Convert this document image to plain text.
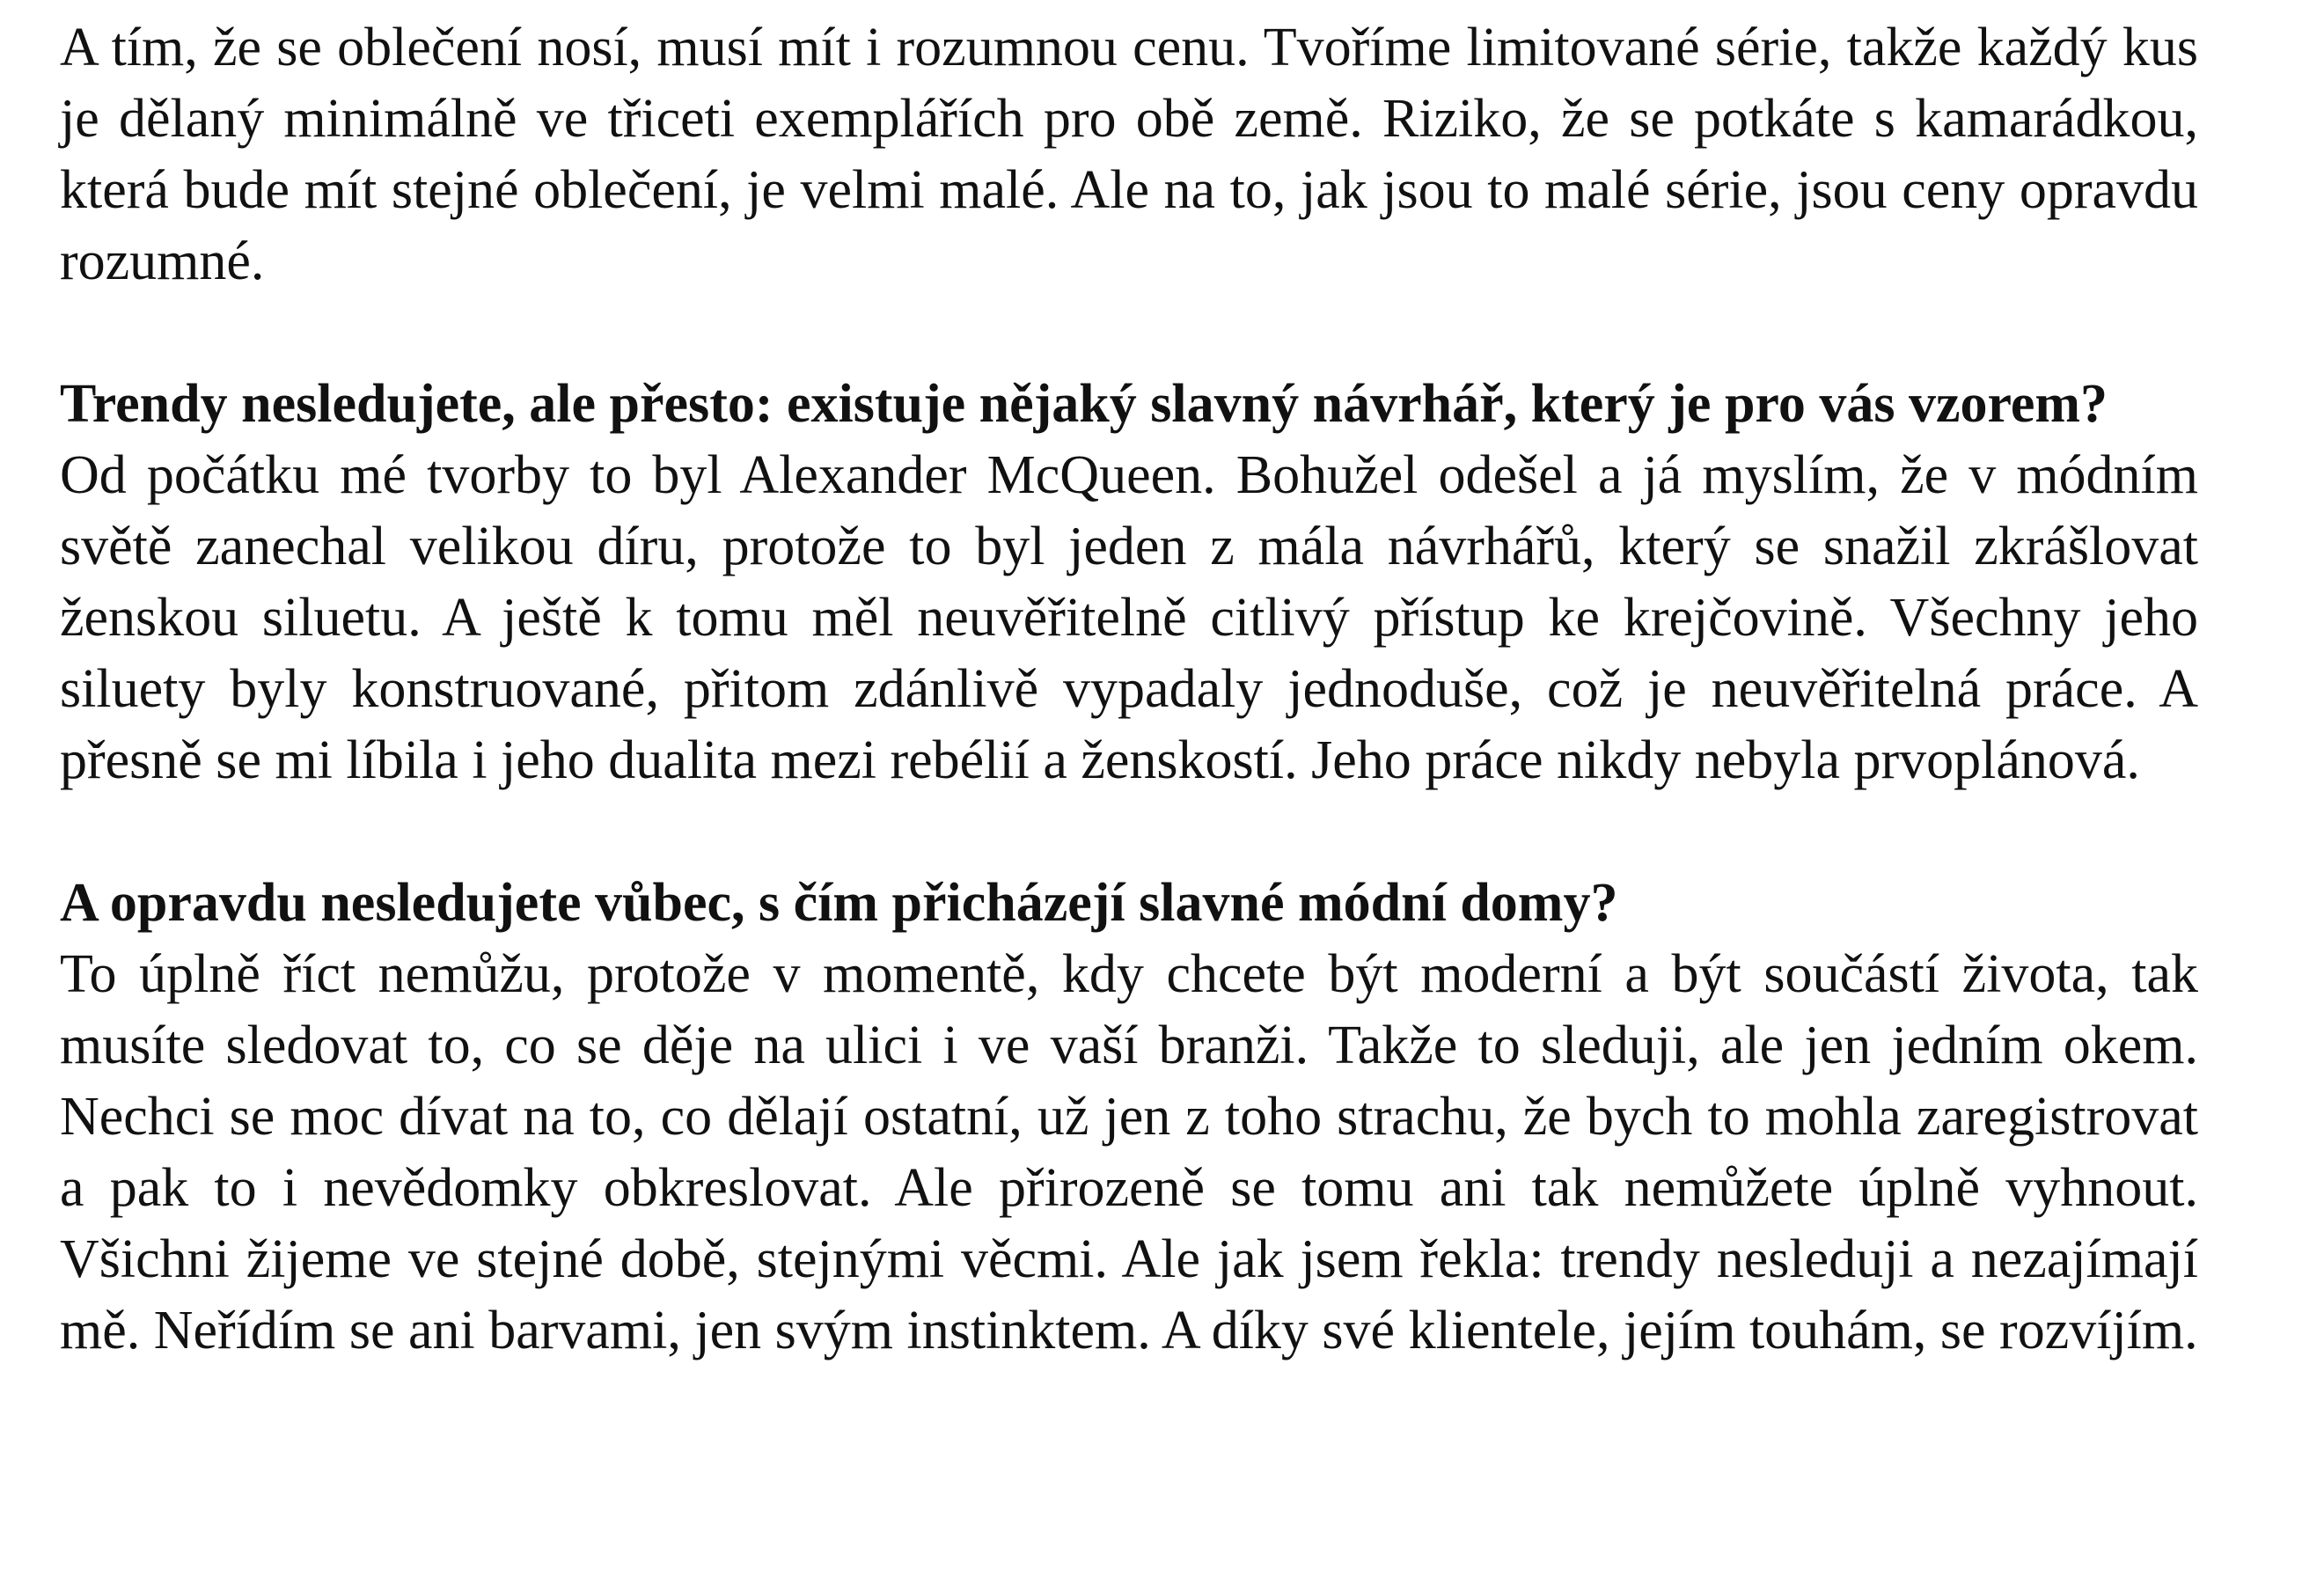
A tím, že se oblečení nosí, musí mít i rozumnou cenu. Tvoříme limitované série, takže každý kus je dělaný minimálně ve třiceti exemplářích pro obě země. Riziko, že se potkáte s kamarádkou, která bude mít stejné oblečení, je velmi malé. Ale na to, jak jsou to malé série, jsou ceny opravdu rozumné.

Trendy nesledujete, ale přesto: existuje nějaký slavný návrhář, který je pro vás vzorem?

Od počátku mé tvorby to byl Alexander McQueen. Bohužel odešel a já myslím, že v módním světě zanechal velikou díru, protože to byl jeden z mála návrhářů, který se snažil zkrášlovat ženskou siluetu. A ještě k tomu měl neuvěřitelně citlivý přístup ke krejčovině. Všechny jeho siluety byly konstruované, přitom zdánlivě vypadaly jednoduše, což je neuvěřitelná práce. A přesně se mi líbila i jeho dualita mezi rebélií a ženskostí. Jeho práce nikdy nebyla prvoplánová.

A opravdu nesledujete vůbec, s čím přicházejí slavné módní domy?

To úplně říct nemůžu, protože v momentě, kdy chcete být moderní a být součástí života, tak musíte sledovat to, co se děje na ulici i ve vaší branži. Takže to sleduji, ale jen jedním okem. Nechci se moc dívat na to, co dělají ostatní, už jen z toho strachu, že bych to mohla zaregistrovat a pak to i nevědomky obkreslovat. Ale přirozeně se tomu ani tak nemůžete úplně vyhnout. Všichni žijeme ve stejné době, stejnými věcmi. Ale jak jsem řekla: trendy nesleduji a nezajímají mě. Neřídím se ani barvami, jen svým instinktem. A díky své klientele, jejím touhám, se rozvíjím.
